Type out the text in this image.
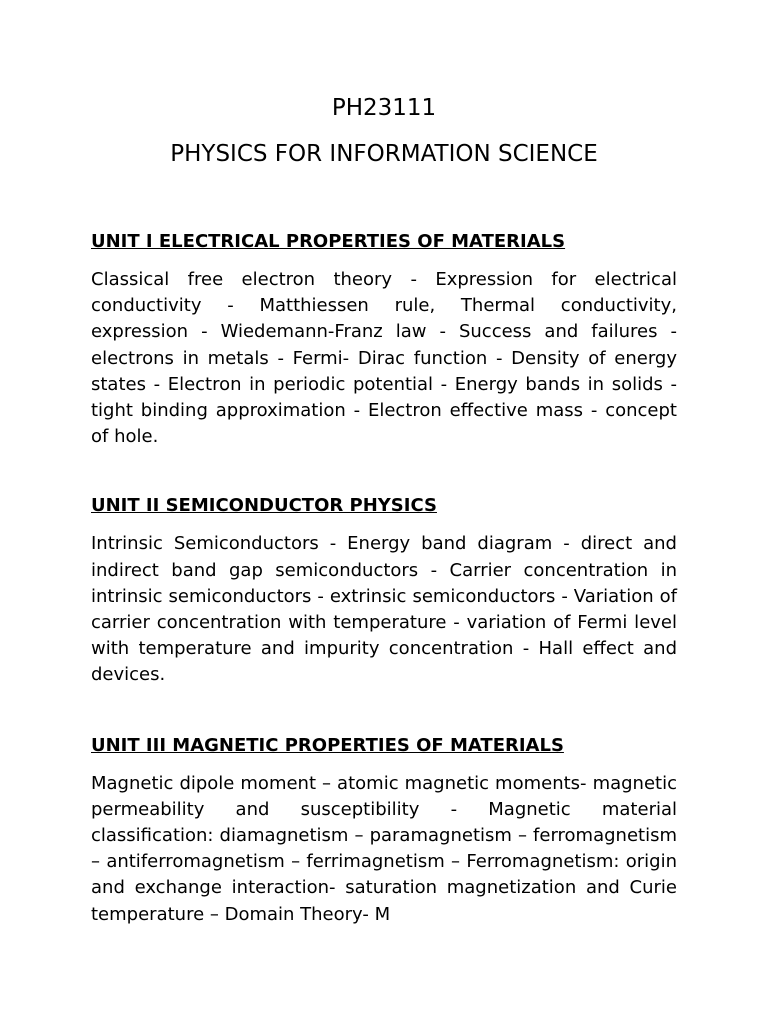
PH23111

PHYSICS FOR INFORMATION SCIENCE

UNIT I ELECTRICAL PROPERTIES OF MATERIALS

Classical free electron theory - Expression for electrical conductivity - Matthiessen rule, Thermal conductivity, expression - Wiedemann-Franz law - Success and failures - electrons in metals - Fermi- Dirac function - Density of energy states - Electron in periodic potential - Energy bands in solids - tight binding approximation - Electron effective mass - concept of hole.

UNIT II SEMICONDUCTOR PHYSICS

Intrinsic Semiconductors - Energy band diagram - direct and indirect band gap semiconductors - Carrier concentration in intrinsic semiconductors - extrinsic semiconductors - Variation of carrier concentration with temperature - variation of Fermi level with temperature and impurity concentration - Hall effect and devices.

UNIT III MAGNETIC PROPERTIES OF MATERIALS

Magnetic dipole moment – atomic magnetic moments- magnetic permeability and susceptibility - Magnetic material classification: diamagnetism – paramagnetism – ferromagnetism – antiferromagnetism – ferrimagnetism – Ferromagnetism: origin and exchange interaction- saturation magnetization and Curie temperature – Domain Theory- M
